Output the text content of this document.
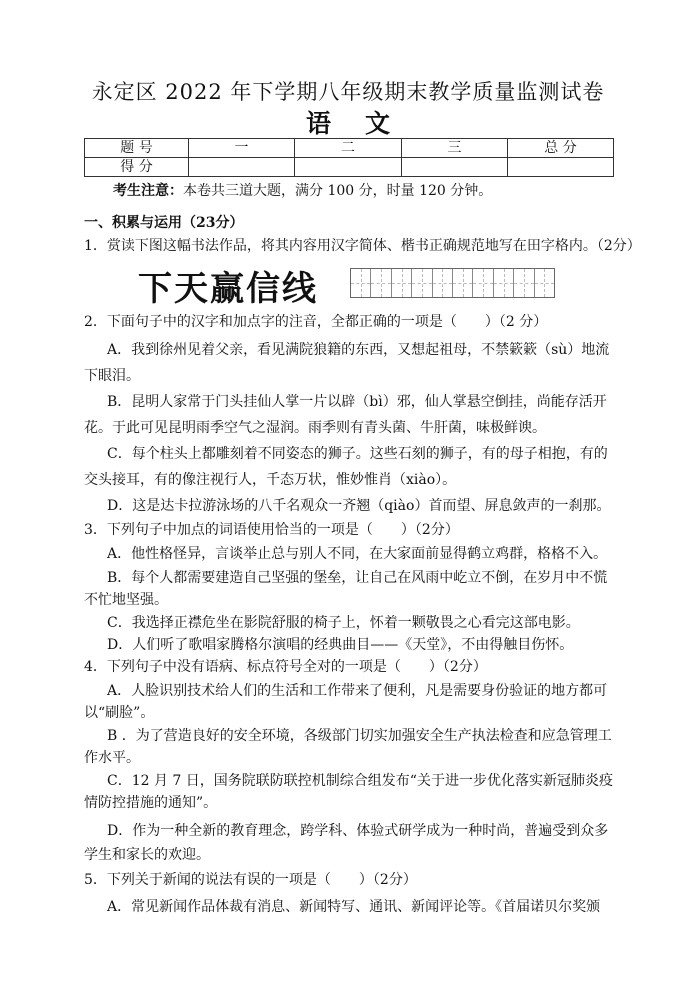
永定区 2022 年下学期八年级期末教学质量监测试卷
语文
题 号	一	二	三	总 分
得 分				
考生注意：本卷共三道大题，满分 100 分，时量 120 分钟。
一、积累与运用（23分）
1．赏读下图这幅书法作品，将其内容用汉字简体、楷书正确规范地写在田字格内。（2分）
下天赢信线
2．下面句子中的汉字和加点字的注音，全都正确的一项是（　　）（2 分）
A．我到徐州见着父亲，看见满院狼籍的东西，又想起祖母，不禁簌簌（sù）地流
下眼泪。
B．昆明人家常于门头挂仙人掌一片以辟（bì）邪，仙人掌悬空倒挂，尚能存活开
花。于此可见昆明雨季空气之湿润。雨季则有青头菌、牛肝菌，味极鲜谀。
C．每个柱头上都雕刻着不同姿态的狮子。这些石刻的狮子，有的母子相抱，有的
交头接耳，有的像注视行人，千态万状，惟妙惟肖（xiào）。
D．这是达卡拉游泳场的八千名观众一齐翘（qiào）首而望、屏息敛声的一刹那。
3．下列句子中加点的词语使用恰当的一项是（　　）（2分）
A．他性格怪异，言谈举止总与别人不同，在大家面前显得鹤立鸡群，格格不入。
B．每个人都需要建造自己坚强的堡垒，让自己在风雨中屹立不倒，在岁月中不慌
不忙地坚强。
C．我选择正襟危坐在影院舒服的椅子上，怀着一颗敬畏之心看完这部电影。
D．人们听了歌唱家腾格尔演唱的经典曲目——《天堂》，不由得触目伤怀。
4．下列句子中没有语病、标点符号全对的一项是（　　）（2分）
A．人脸识别技术给人们的生活和工作带来了便利，凡是需要身份验证的地方都可
以“刷脸”。
B ．为了营造良好的安全环境，各级部门切实加强安全生产执法检查和应急管理工
作水平。
C．12 月 7 日，国务院联防联控机制综合组发布“关于进一步优化落实新冠肺炎疫
情防控措施的通知”。
D．作为一种全新的教育理念，跨学科、体验式研学成为一种时尚，普遍受到众多
学生和家长的欢迎。
5．下列关于新闻的说法有误的一项是（　　）（2分）
A．常见新闻作品体裁有消息、新闻特写、通讯、新闻评论等。《首届诺贝尔奖颁
